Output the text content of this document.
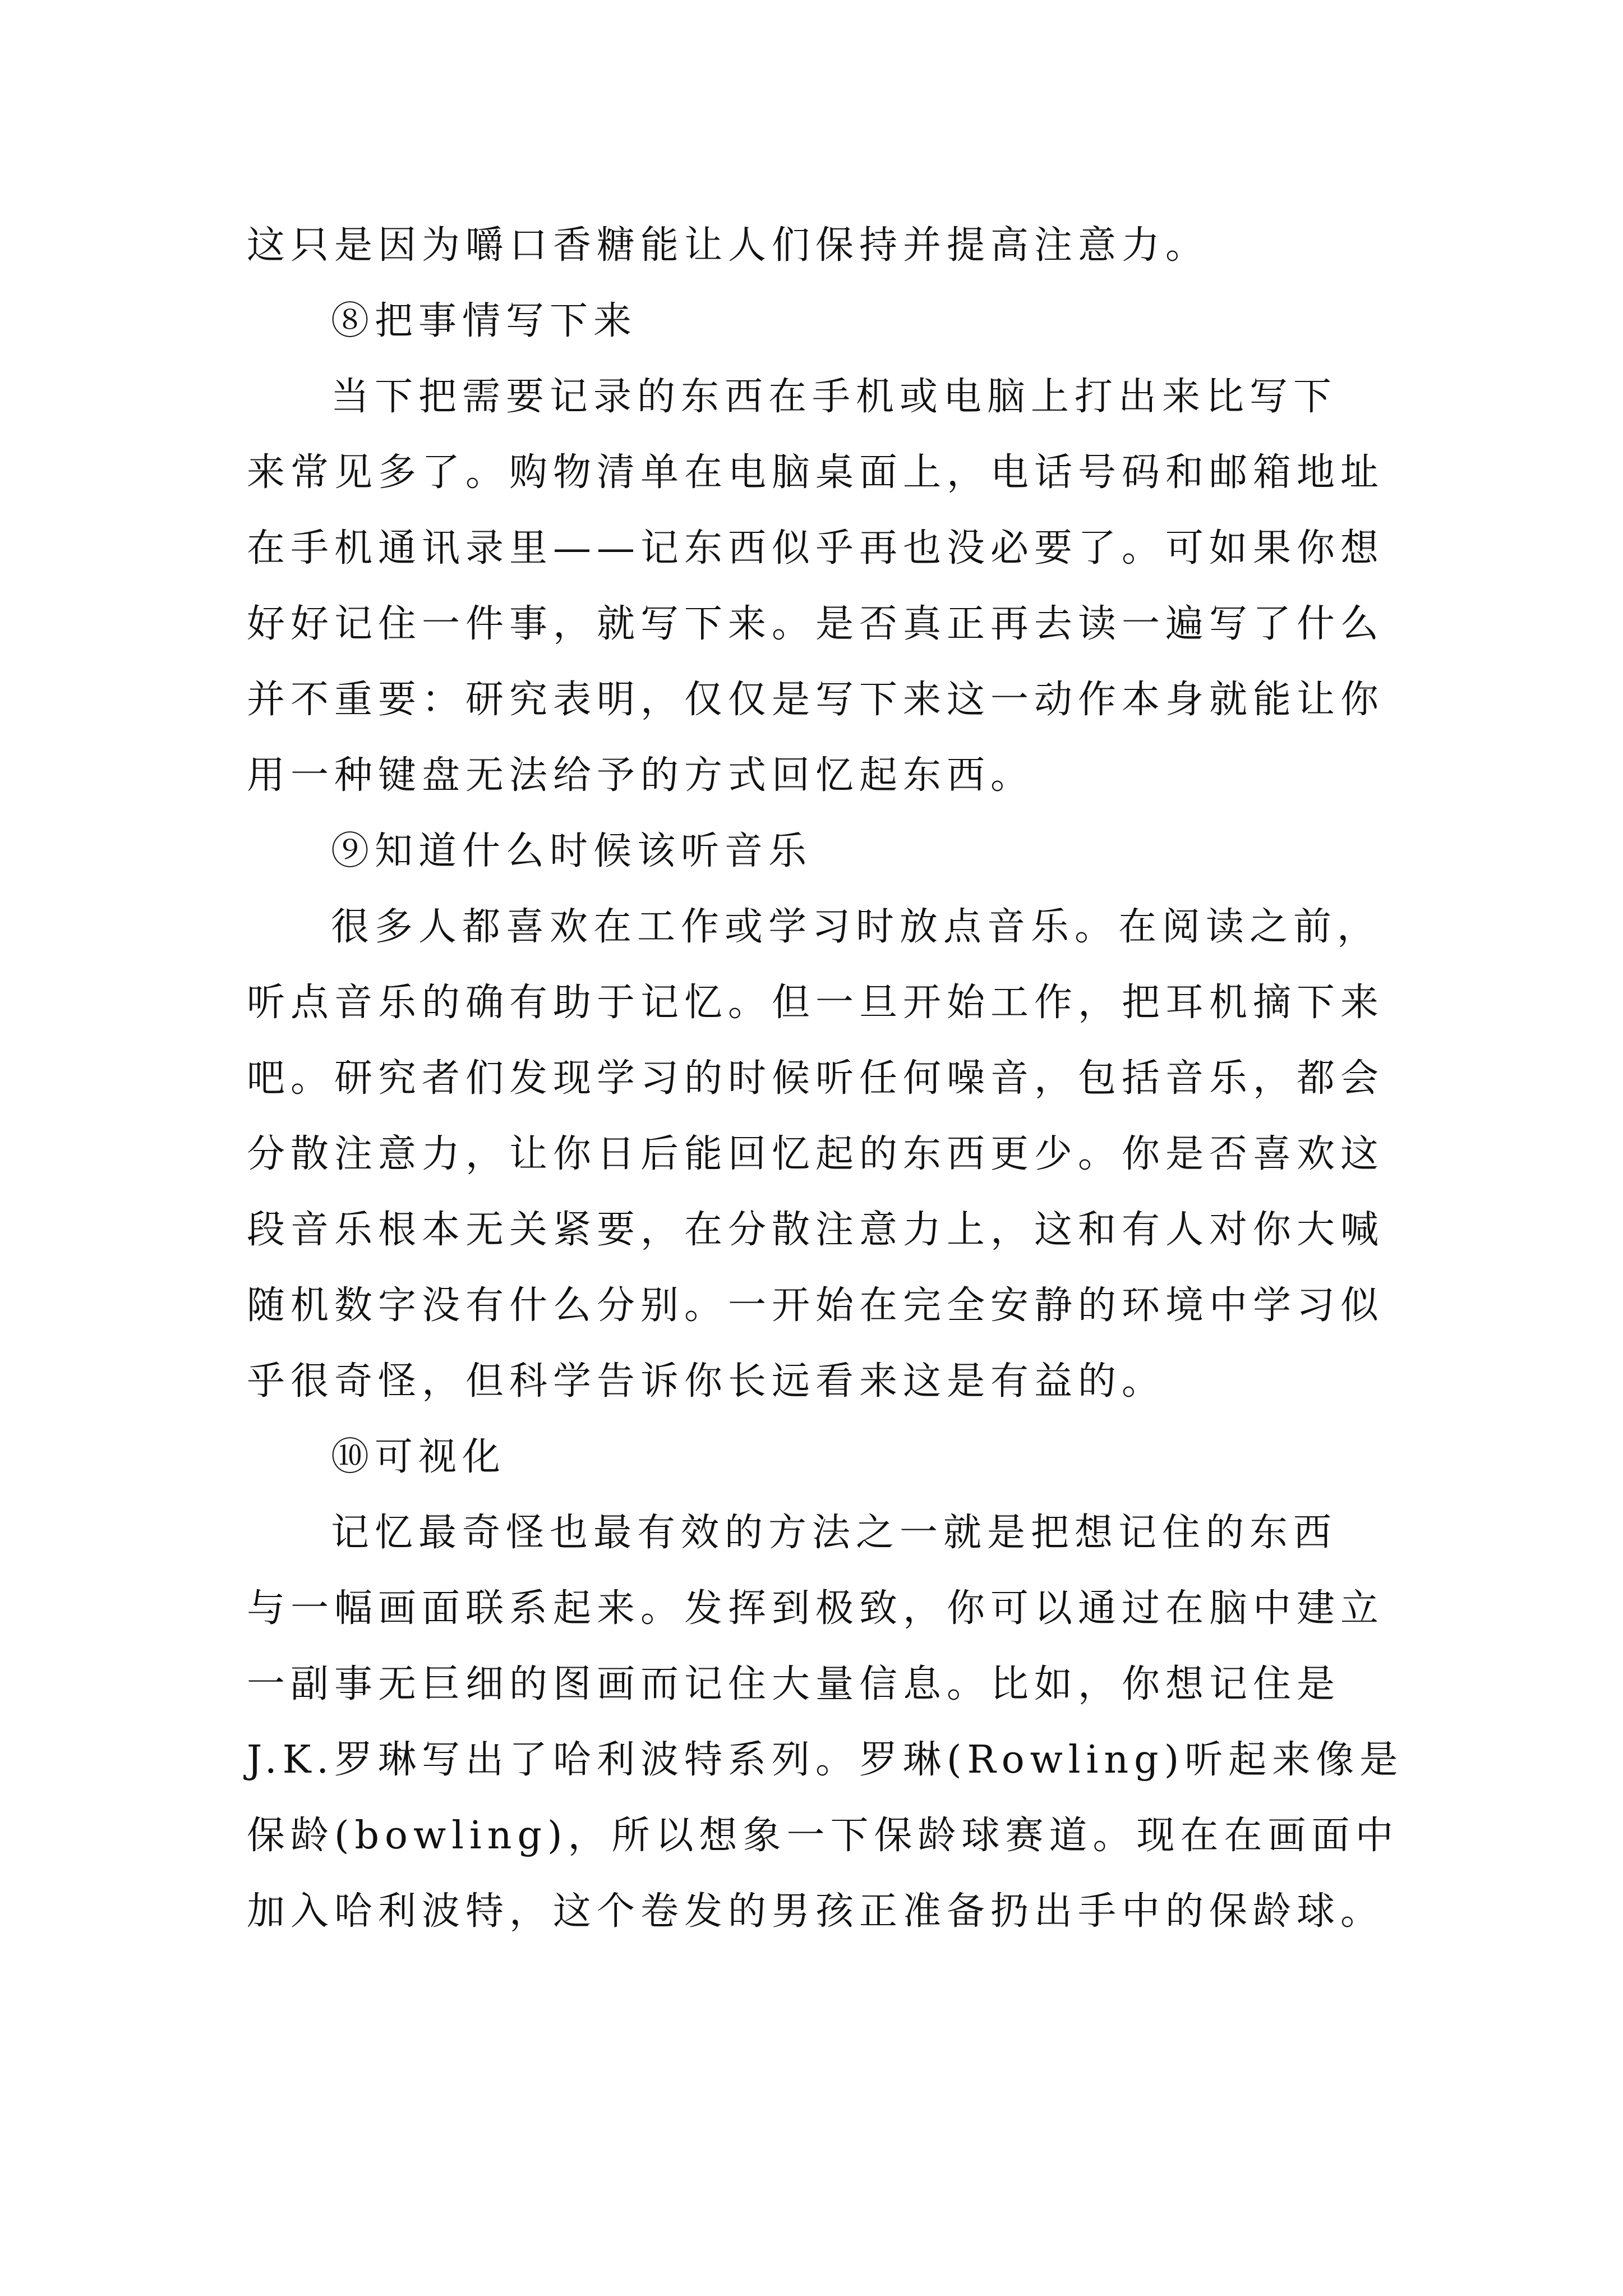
这只是因为嚼口香糖能让人们保持并提高注意力。
⑧把事情写下来
当下把需要记录的东西在手机或电脑上打出来比写下
来常见多了。购物清单在电脑桌面上，电话号码和邮箱地址
在手机通讯录里——记东西似乎再也没必要了。可如果你想
好好记住一件事，就写下来。是否真正再去读一遍写了什么
并不重要：研究表明，仅仅是写下来这一动作本身就能让你
用一种键盘无法给予的方式回忆起东西。
⑨知道什么时候该听音乐
很多人都喜欢在工作或学习时放点音乐。在阅读之前，
听点音乐的确有助于记忆。但一旦开始工作，把耳机摘下来
吧。研究者们发现学习的时候听任何噪音，包括音乐，都会
分散注意力，让你日后能回忆起的东西更少。你是否喜欢这
段音乐根本无关紧要，在分散注意力上，这和有人对你大喊
随机数字没有什么分别。一开始在完全安静的环境中学习似
乎很奇怪，但科学告诉你长远看来这是有益的。
⑩可视化
记忆最奇怪也最有效的方法之一就是把想记住的东西
与一幅画面联系起来。发挥到极致，你可以通过在脑中建立
一副事无巨细的图画而记住大量信息。比如，你想记住是
J.K.罗琳写出了哈利波特系列。罗琳(Rowling)听起来像是
保龄(bowling)，所以想象一下保龄球赛道。现在在画面中
加入哈利波特，这个卷发的男孩正准备扔出手中的保龄球。
